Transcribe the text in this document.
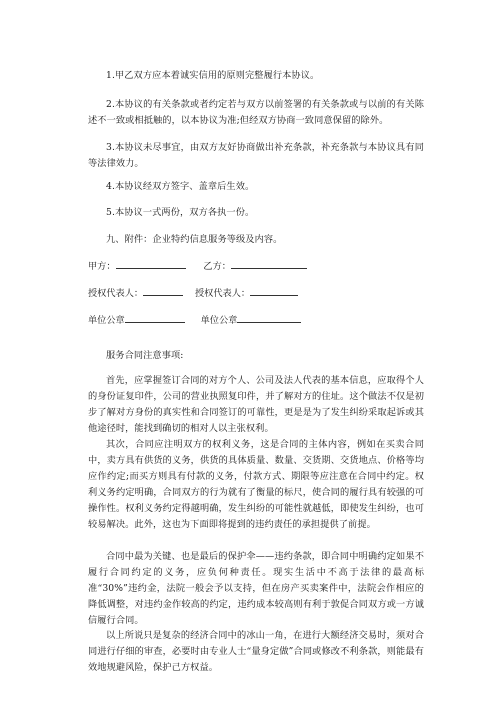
1.甲乙双方应本着诚实信用的原则完整履行本协议。

2.本协议的有关条款或者约定若与双方以前签署的有关条款或与以前的有关陈述不一致或相抵触的，以本协议为准;但经双方协商一致同意保留的除外。

3.本协议未尽事宜，由双方友好协商做出补充条款，补充条款与本协议具有同等法律效力。

4.本协议经双方签字、盖章后生效。

5.本协议一式两份，双方各执一份。

九、附件：企业特约信息服务等级及内容。

甲方：	乙方：
授权代表人：	授权代表人：
单位公章	单位公章

服务合同注意事项:

首先，应掌握签订合同的对方个人、公司及法人代表的基本信息，应取得个人的身份证复印件，公司的营业执照复印件，并了解对方的住址。这个做法不仅是初步了解对方身份的真实性和合同签订的可靠性，更是是为了发生纠纷采取起诉或其他途径时，能找到确切的相对人以主张权利。

其次，合同应注明双方的权利义务，这是合同的主体内容，例如在买卖合同中，卖方具有供货的义务，供货的具体质量、数量、交货期、交货地点、价格等均应作约定;而买方则具有付款的义务，付款方式、期限等应注意在合同中约定。权利义务约定明确，合同双方的行为就有了衡量的标尺，使合同的履行具有较强的可操作性。权利义务约定得越明确，发生纠纷的可能性就越低，即使发生纠纷，也可较易解决。此外，这也为下面即将提到的违约责任的承担提供了前提。

合同中最为关键、也是最后的保护伞——违约条款，即合同中明确约定如果不履行合同约定的义务，应负何种责任。现实生活中不高于法律的最高标准“30%”违约金，法院一般会予以支持，但在房产买卖案件中，法院会作相应的降低调整，对违约金作较高的约定，违约成本较高则有利于敦促合同双方或一方诚信履行合同。

以上所说只是复杂的经济合同中的冰山一角，在进行大额经济交易时，须对合同进行仔细的审查，必要时由专业人士“量身定做”合同或修改不利条款，则能最有效地规避风险，保护己方权益。
